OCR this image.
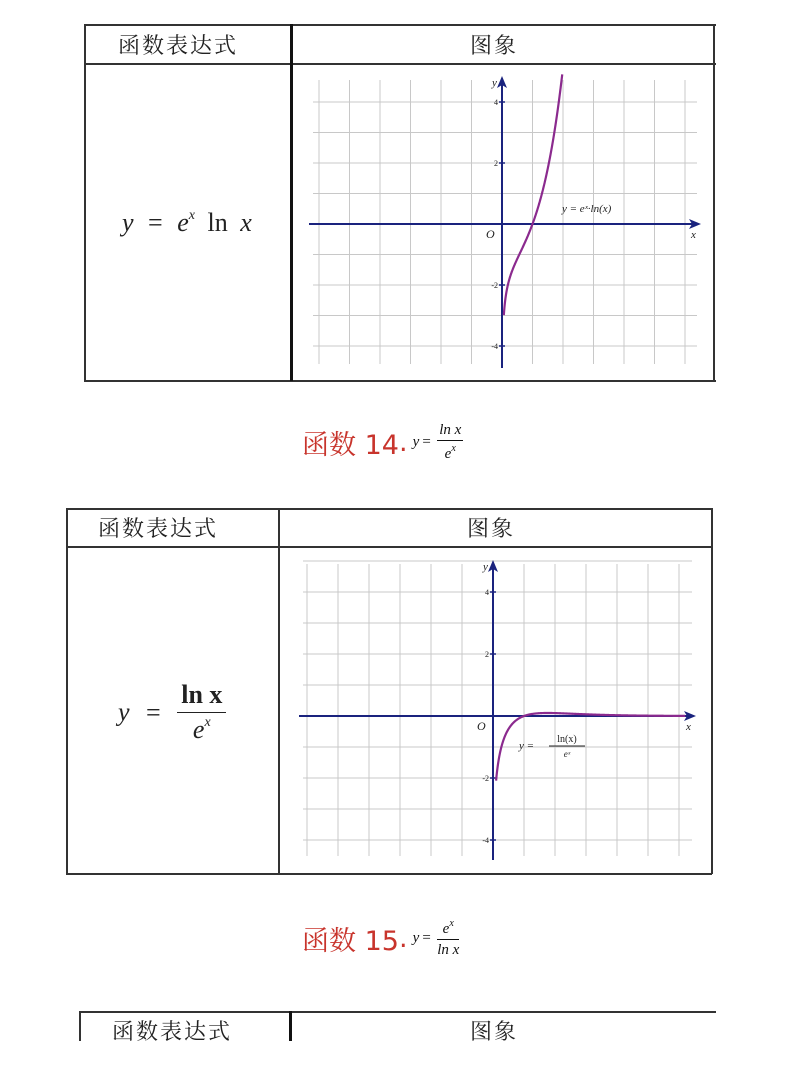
函数表达式	图象
$y = e^x$ ln x
4
2
-2
-4
y
x
O
y = eˣ·ln(x)
函数 14. $y = \frac{\text{ln x}}{e^x}$
函数表达式	图象
$y = \frac{\text{ln x}}{e^x}$
4
2
-2
-4
y
x
O
y =
ln(x)
eˣ
函数 15. $y = \frac{e^x}{\text{ln x}}$
函数表达式	图象
